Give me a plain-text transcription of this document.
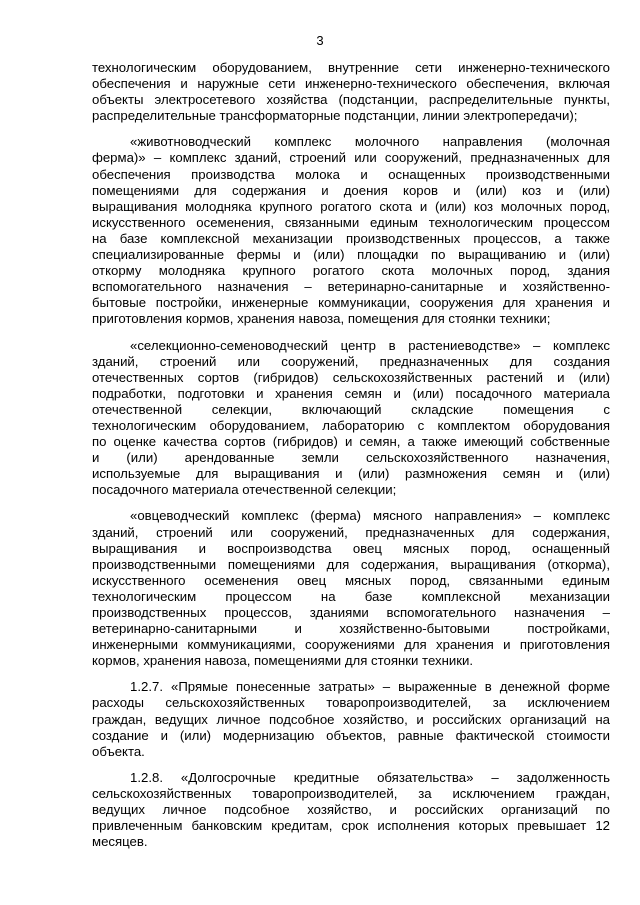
3
технологическим оборудованием, внутренние сети инженерно-технического
обеспечения и наружные сети инженерно-технического обеспечения, включая
объекты электросетевого хозяйства (подстанции, распределительные пункты,
распределительные трансформаторные подстанции, линии электропередачи);
«животноводческий комплекс молочного направления (молочная
ферма)» – комплекс зданий, строений или сооружений, предназначенных для
обеспечения производства молока и оснащенных производственными
помещениями для содержания и доения коров и (или) коз и (или)
выращивания молодняка крупного рогатого скота и (или) коз молочных пород,
искусственного осеменения, связанными единым технологическим процессом
на базе комплексной механизации производственных процессов, а также
специализированные фермы и (или) площадки по выращиванию и (или)
откорму молодняка крупного рогатого скота молочных пород, здания
вспомогательного назначения – ветеринарно-санитарные и хозяйственно-
бытовые постройки, инженерные коммуникации, сооружения для хранения и
приготовления кормов, хранения навоза, помещения для стоянки техники;
«селекционно-семеноводческий центр в растениеводстве» – комплекс
зданий, строений или сооружений, предназначенных для создания
отечественных сортов (гибридов) сельскохозяйственных растений и (или)
подработки, подготовки и хранения семян и (или) посадочного материала
отечественной селекции, включающий складские помещения с
технологическим оборудованием, лабораторию с комплектом оборудования
по оценке качества сортов (гибридов) и семян, а также имеющий собственные
и (или) арендованные земли сельскохозяйственного назначения,
используемые для выращивания и (или) размножения семян и (или)
посадочного материала отечественной селекции;
«овцеводческий комплекс (ферма) мясного направления» – комплекс
зданий, строений или сооружений, предназначенных для содержания,
выращивания и воспроизводства овец мясных пород, оснащенный
производственными помещениями для содержания, выращивания (откорма),
искусственного осеменения овец мясных пород, связанными единым
технологическим процессом на базе комплексной механизации
производственных процессов, зданиями вспомогательного назначения –
ветеринарно-санитарными и хозяйственно-бытовыми постройками,
инженерными коммуникациями, сооружениями для хранения и приготовления
кормов, хранения навоза, помещениями для стоянки техники.
1.2.7. «Прямые понесенные затраты» – выраженные в денежной форме
расходы сельскохозяйственных товаропроизводителей, за исключением
граждан, ведущих личное подсобное хозяйство, и российских организаций на
создание и (или) модернизацию объектов, равные фактической стоимости
объекта.
1.2.8. «Долгосрочные кредитные обязательства» – задолженность
сельскохозяйственных товаропроизводителей, за исключением граждан,
ведущих личное подсобное хозяйство, и российских организаций по
привлеченным банковским кредитам, срок исполнения которых превышает 12
месяцев.
